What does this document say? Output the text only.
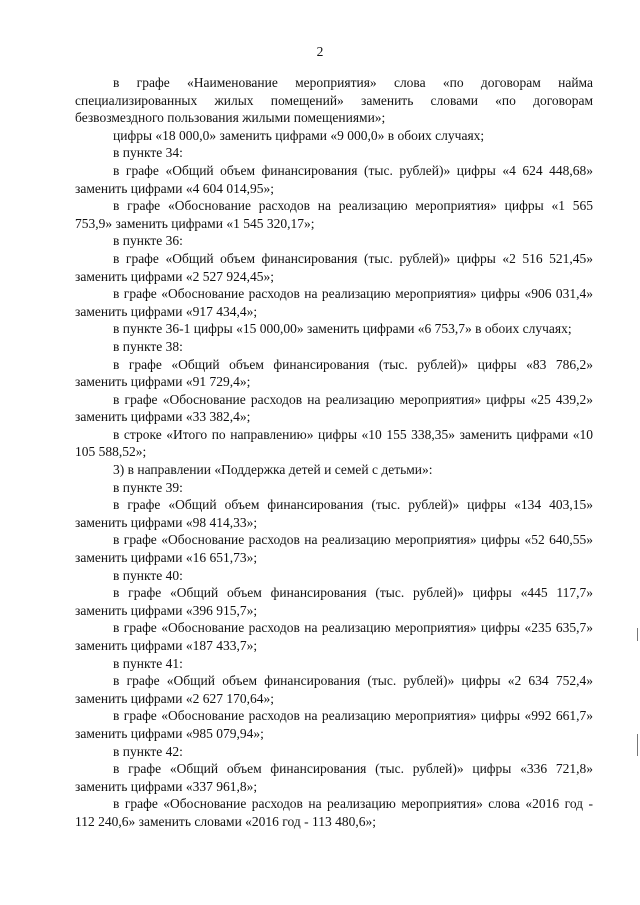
2

в графе «Наименование мероприятия» слова «по договорам найма специализированных жилых помещений» заменить словами «по договорам безвозмездного пользования жилыми помещениями»;

цифры «18 000,0» заменить цифрами «9 000,0» в обоих случаях;

в пункте 34:

в графе «Общий объем финансирования (тыс. рублей)» цифры «4 624 448,68» заменить цифрами «4 604 014,95»;

в графе «Обоснование расходов на реализацию мероприятия» цифры «1 565 753,9» заменить цифрами «1 545 320,17»;

в пункте 36:

в графе «Общий объем финансирования (тыс. рублей)» цифры «2 516 521,45» заменить цифрами «2 527 924,45»;

в графе «Обоснование расходов на реализацию мероприятия» цифры «906 031,4» заменить цифрами «917 434,4»;

в пункте 36-1 цифры «15 000,00» заменить цифрами «6 753,7» в обоих случаях;

в пункте 38:

в графе «Общий объем финансирования (тыс. рублей)» цифры «83 786,2» заменить цифрами «91 729,4»;

в графе «Обоснование расходов на реализацию мероприятия» цифры «25 439,2» заменить цифрами «33 382,4»;

в строке «Итого по направлению» цифры «10 155 338,35» заменить цифрами «10 105 588,52»;

3) в направлении «Поддержка детей и семей с детьми»:

в пункте 39:

в графе «Общий объем финансирования (тыс. рублей)» цифры «134 403,15» заменить цифрами «98 414,33»;

в графе «Обоснование расходов на реализацию мероприятия» цифры «52 640,55» заменить цифрами «16 651,73»;

в пункте 40:

в графе «Общий объем финансирования (тыс. рублей)» цифры «445 117,7» заменить цифрами «396 915,7»;

в графе «Обоснование расходов на реализацию мероприятия» цифры «235 635,7» заменить цифрами «187 433,7»;

в пункте 41:

в графе «Общий объем финансирования (тыс. рублей)» цифры «2 634 752,4» заменить цифрами «2 627 170,64»;

в графе «Обоснование расходов на реализацию мероприятия» цифры «992 661,7» заменить цифрами «985 079,94»;

в пункте 42:

в графе «Общий объем финансирования (тыс. рублей)» цифры «336 721,8» заменить цифрами «337 961,8»;

в графе «Обоснование расходов на реализацию мероприятия» слова «2016 год - 112 240,6» заменить словами «2016 год - 113 480,6»;
